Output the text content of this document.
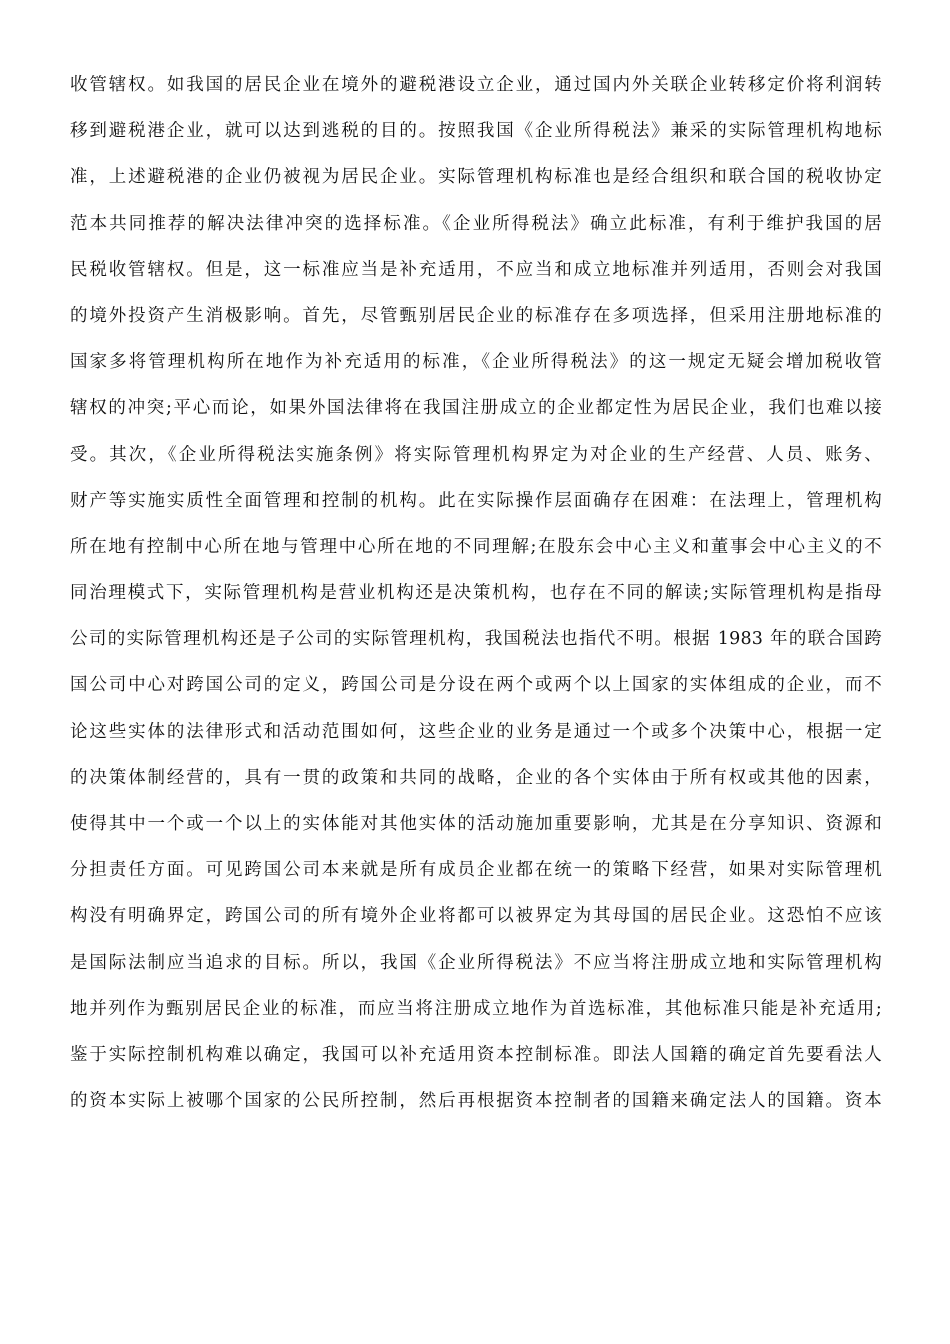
收管辖权。如我国的居民企业在境外的避税港设立企业，通过国内外关联企业转移定价将利润转
移到避税港企业，就可以达到逃税的目的。按照我国《企业所得税法》兼采的实际管理机构地标
准，上述避税港的企业仍被视为居民企业。实际管理机构标准也是经合组织和联合国的税收协定
范本共同推荐的解决法律冲突的选择标准。《企业所得税法》确立此标准，有利于维护我国的居
民税收管辖权。但是，这一标准应当是补充适用，不应当和成立地标准并列适用，否则会对我国
的境外投资产生消极影响。首先，尽管甄别居民企业的标准存在多项选择，但采用注册地标准的
国家多将管理机构所在地作为补充适用的标准，《企业所得税法》的这一规定无疑会增加税收管
辖权的冲突;平心而论，如果外国法律将在我国注册成立的企业都定性为居民企业，我们也难以接
受。其次，《企业所得税法实施条例》将实际管理机构界定为对企业的生产经营、人员、账务、
财产等实施实质性全面管理和控制的机构。此在实际操作层面确存在困难：在法理上，管理机构
所在地有控制中心所在地与管理中心所在地的不同理解;在股东会中心主义和董事会中心主义的不
同治理模式下，实际管理机构是营业机构还是决策机构，也存在不同的解读;实际管理机构是指母
公司的实际管理机构还是子公司的实际管理机构，我国税法也指代不明。根据 1983 年的联合国跨
国公司中心对跨国公司的定义，跨国公司是分设在两个或两个以上国家的实体组成的企业，而不
论这些实体的法律形式和活动范围如何，这些企业的业务是通过一个或多个决策中心，根据一定
的决策体制经营的，具有一贯的政策和共同的战略，企业的各个实体由于所有权或其他的因素，
使得其中一个或一个以上的实体能对其他实体的活动施加重要影响，尤其是在分享知识、资源和
分担责任方面。可见跨国公司本来就是所有成员企业都在统一的策略下经营，如果对实际管理机
构没有明确界定，跨国公司的所有境外企业将都可以被界定为其母国的居民企业。这恐怕不应该
是国际法制应当追求的目标。所以，我国《企业所得税法》不应当将注册成立地和实际管理机构
地并列作为甄别居民企业的标准，而应当将注册成立地作为首选标准，其他标准只能是补充适用;
鉴于实际控制机构难以确定，我国可以补充适用资本控制标准。即法人国籍的确定首先要看法人
的资本实际上被哪个国家的公民所控制，然后再根据资本控制者的国籍来确定法人的国籍。资本
